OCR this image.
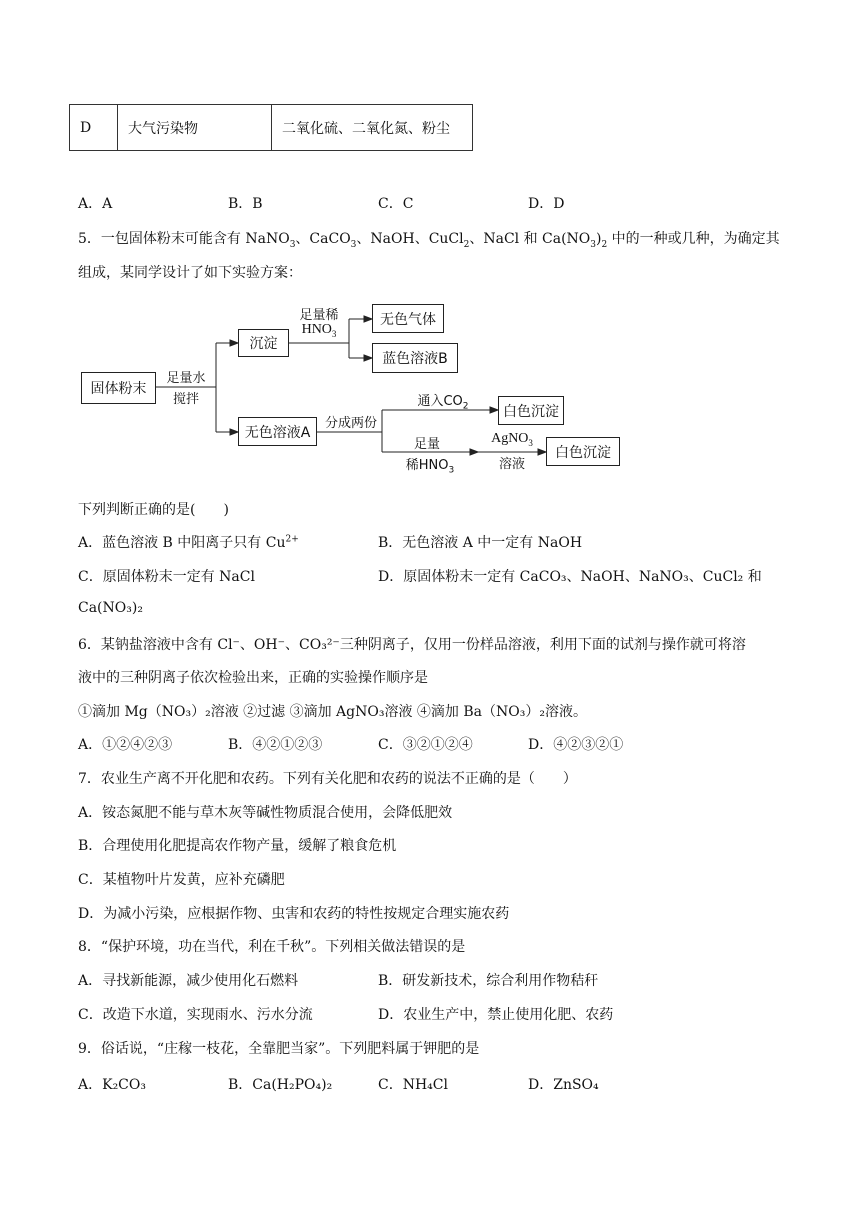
D	大气污染物	二氧化硫、二氧化氮、粉尘
A．A	B．B	C．C	D．D
5．一包固体粉末可能含有 NaNO$_3$、CaCO$_3$、NaOH、CuCl$_2$、NaCl 和 $Ca(NO_3)_2$ 中的一种或几种，为确定其
组成，某同学设计了如下实验方案：
固体粉末
足量水
搅拌
沉淀
足量稀
$HNO_3$
无色气体
蓝色溶液B
无色溶液A
分成两份
通入$CO_2$	白色沉淀
足量
稀$HNO_3$
AgNO$_3$
溶液
白色沉淀
下列判断正确的是(　　)
A．蓝色溶液 B 中阳离子只有 $Cu^{2+}$	B．无色溶液 A 中一定有 NaOH
C．原固体粉末一定有 NaCl	D．原固体粉末一定有 CaCO₃、NaOH、NaNO₃、CuCl₂ 和
Ca(NO₃)₂
6．某钠盐溶液中含有 Cl⁻、OH⁻、CO₃²⁻三种阴离子，仅用一份样品溶液，利用下面的试剂与操作就可将溶
液中的三种阴离子依次检验出来，正确的实验操作顺序是
①滴加 Mg（NO₃）₂溶液 ②过滤 ③滴加 AgNO₃溶液 ④滴加 Ba（NO₃）₂溶液。
A．①②④②③	B．④②①②③	C．③②①②④	D．④②③②①
7．农业生产离不开化肥和农药。下列有关化肥和农药的说法不正确的是（　　）
A．铵态氮肥不能与草木灰等碱性物质混合使用，会降低肥效
B．合理使用化肥提高农作物产量，缓解了粮食危机
C．某植物叶片发黄，应补充磷肥
D．为减小污染，应根据作物、虫害和农药的特性按规定合理实施农药
8．“保护环境，功在当代，利在千秋”。下列相关做法错误的是
A．寻找新能源，减少使用化石燃料	B．研发新技术，综合利用作物秸秆
C．改造下水道，实现雨水、污水分流	D．农业生产中，禁止使用化肥、农药
9．俗话说，“庄稼一枝花，全靠肥当家”。下列肥料属于钾肥的是
A．K₂CO₃	B．Ca(H₂PO₄)₂	C．NH₄Cl	D．ZnSO₄
